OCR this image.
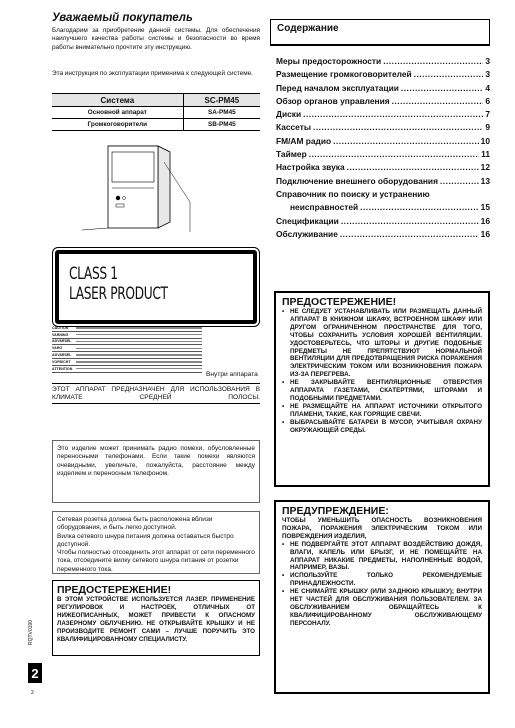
Уважаемый покупатель
Благодарим за приобретение данной системы. Для обеспечения наилучшего качества работы системы и безопасности во время работы внимательно прочтите эту инструкцию.
Эта инструкция по эксплуатации применима к следующей системе.
Система	SC-PM45
Основной аппарат	SA-PM45
Громкоговорители	SB-PM45
CLASS 1
LASER PRODUCT
CAUTION
VARNING
ADVARSEL
VARO
ADVARSEL
VORSICHT
ATTENTION
Внутри аппарата
ЭТОТ АППАРАТ ПРЕДНАЗНАЧЕН ДЛЯ ИСПОЛЬЗОВАНИЯ В КЛИМАТЕ СРЕДНЕЙ ПОЛОСЫ.
Это изделие может принимать радио помехи, обусловленные переносными телефонами. Если такие помехи являются очевидными, увеличьте, пожалуйста, расстояние между изделием и переносным телефоном.
Сетевая розетка должна быть расположена вблизи оборудования, и быть легко доступной.
Вилка сетевого шнура питания должна оставаться быстро доступной.
Чтобы полностью отсоединить этот аппарат от сети переменного тока, отсоедините вилку сетевого шнура питания от розетки переменного тока.
ПРЕДОСТЕРЕЖЕНИЕ!
В ЭТОМ УСТРОЙСТВЕ ИСПОЛЬЗУЕТСЯ ЛАЗЕР. ПРИМЕНЕНИЕ РЕГУЛИРОВОК И НАСТРОЕК, ОТЛИЧНЫХ ОТ НИЖЕОПИСАННЫХ, МОЖЕТ ПРИВЕСТИ К ОПАСНОМУ ЛАЗЕРНОМУ ОБЛУЧЕНИЮ. НЕ ОТКРЫВАЙТЕ КРЫШКУ И НЕ ПРОИЗВОДИТЕ РЕМОНТ САМИ – ЛУЧШЕ ПОРУЧИТЬ ЭТО КВАЛИФИЦИРОВАННОМУ СПЕЦИАЛИСТУ.
RQTV0190
2
2
Содержание
Меры предосторожности .....	3
Размещение громкоговорителей .....	3
Перед началом эксплуатации .....	4
Обзор органов управления .....	6
Диски .....	7
Кассеты .....	9
FM/AM радио .....	10
Таймер .....	11
Настройка звука .....	12
Подключение внешнего оборудования .....	13
Справочник по поиску и устранению
неисправностей .....	15
Спецификации .....	16
Обслуживание .....	16
ПРЕДОСТЕРЕЖЕНИЕ!
• НЕ СЛЕДУЕТ УСТАНАВЛИВАТЬ ИЛИ РАЗМЕЩАТЬ ДАННЫЙ АППАРАТ В КНИЖНОМ ШКАФУ, ВСТРОЕННОМ ШКАФУ ИЛИ ДРУГОМ ОГРАНИЧЕННОМ ПРОСТРАНСТВЕ ДЛЯ ТОГО, ЧТОБЫ СОХРАНИТЬ УСЛОВИЯ ХОРОШЕЙ ВЕНТИЛЯЦИИ. УДОСТОВЕРЬТЕСЬ, ЧТО ШТОРЫ И ДРУГИЕ ПОДОБНЫЕ ПРЕДМЕТЫ НЕ ПРЕПЯТСТВУЮТ НОРМАЛЬНОЙ ВЕНТИЛЯЦИИ ДЛЯ ПРЕДОТВРАЩЕНИЯ РИСКА ПОРАЖЕНИЯ ЭЛЕКТРИЧЕСКИМ ТОКОМ ИЛИ ВОЗНИКНОВЕНИЯ ПОЖАРА ИЗ-ЗА ПЕРЕГРЕВА.
• НЕ ЗАКРЫВАЙТЕ ВЕНТИЛЯЦИОННЫЕ ОТВЕРСТИЯ АППАРАТА ГАЗЕТАМИ, СКАТЕРТЯМИ, ШТОРАМИ И ПОДОБНЫМИ ПРЕДМЕТАМИ.
• НЕ РАЗМЕЩАЙТЕ НА АППАРАТ ИСТОЧНИКИ ОТКРЫТОГО ПЛАМЕНИ, ТАКИЕ, КАК ГОРЯЩИЕ СВЕЧИ.
• ВЫБРАСЫВАЙТЕ БАТАРЕИ В МУСОР, УЧИТЫВАЯ ОХРАНУ ОКРУЖАЮЩЕЙ СРЕДЫ.
ПРЕДУПРЕЖДЕНИЕ:
ЧТОБЫ УМЕНЬШИТЬ ОПАСНОСТЬ ВОЗНИКНОВЕНИЯ ПОЖАРА, ПОРАЖЕНИЯ ЭЛЕКТРИЧЕСКИМ ТОКОМ ИЛИ ПОВРЕЖДЕНИЯ ИЗДЕЛИЯ,
• НЕ ПОДВЕРГАЙТЕ ЭТОТ АППАРАТ ВОЗДЕЙСТВИЮ ДОЖДЯ, ВЛАГИ, КАПЕЛЬ ИЛИ БРЫЗГ, И НЕ ПОМЕЩАЙТЕ НА АППАРАТ НИКАКИЕ ПРЕДМЕТЫ, НАПОЛНЕННЫЕ ВОДОЙ, НАПРИМЕР, ВАЗЫ.
• ИСПОЛЬЗУЙТЕ ТОЛЬКО РЕКОМЕНДУЕМЫЕ ПРИНАДЛЕЖНОСТИ.
• НЕ СНИМАЙТЕ КРЫШКУ (ИЛИ ЗАДНЮЮ КРЫШКУ); ВНУТРИ НЕТ ЧАСТЕЙ ДЛЯ ОБСЛУЖИВАНИЯ ПОЛЬЗОВАТЕЛЕМ. ЗА ОБСЛУЖИВАНИЕМ ОБРАЩАЙТЕСЬ К КВАЛИФИЦИРОВАННОМУ ОБСЛУЖИВАЮЩЕМУ ПЕРСОНАЛУ.
